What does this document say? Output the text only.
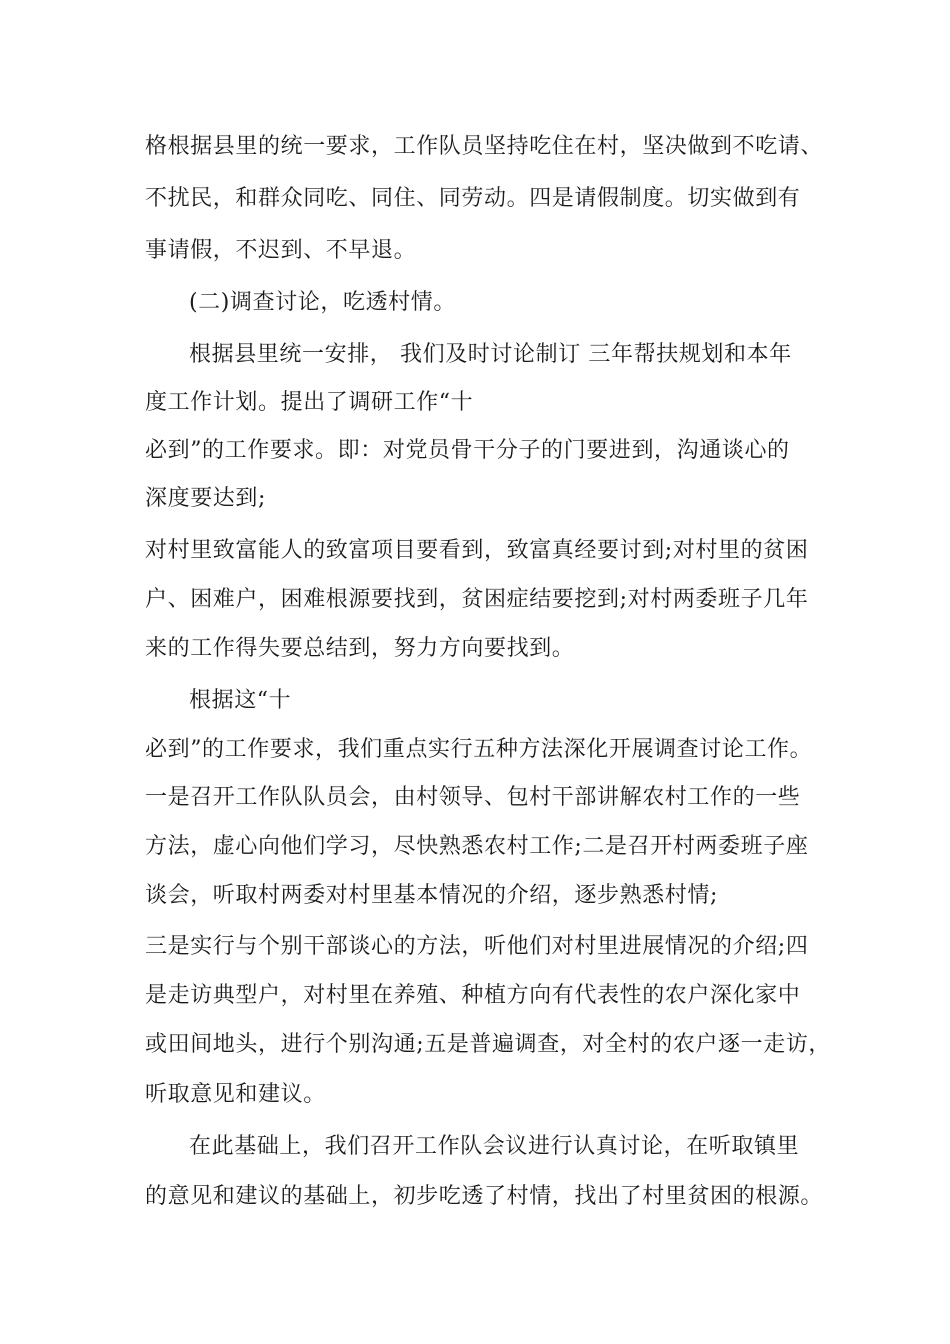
格根据县里的统一要求，工作队员坚持吃住在村，坚决做到不吃请、
不扰民，和群众同吃、同住、同劳动。四是请假制度。切实做到有
事请假，不迟到、不早退。
(二)调查讨论，吃透村情。
根据县里统一安排， 我们及时讨论制订 三年帮扶规划和本年
度工作计划。提出了调研工作“十
必到”的工作要求。即：对党员骨干分子的门要进到，沟通谈心的
深度要达到;
对村里致富能人的致富项目要看到，致富真经要讨到;对村里的贫困
户、困难户，困难根源要找到，贫困症结要挖到;对村两委班子几年
来的工作得失要总结到，努力方向要找到。
根据这“十
必到”的工作要求，我们重点实行五种方法深化开展调查讨论工作。
一是召开工作队队员会，由村领导、包村干部讲解农村工作的一些
方法，虚心向他们学习，尽快熟悉农村工作;二是召开村两委班子座
谈会，听取村两委对村里基本情况的介绍，逐步熟悉村情;
三是实行与个别干部谈心的方法，听他们对村里进展情况的介绍;四
是走访典型户，对村里在养殖、种植方向有代表性的农户深化家中
或田间地头，进行个别沟通;五是普遍调查，对全村的农户逐一走访，
听取意见和建议。
在此基础上，我们召开工作队会议进行认真讨论，在听取镇里
的意见和建议的基础上，初步吃透了村情，找出了村里贫困的根源。
